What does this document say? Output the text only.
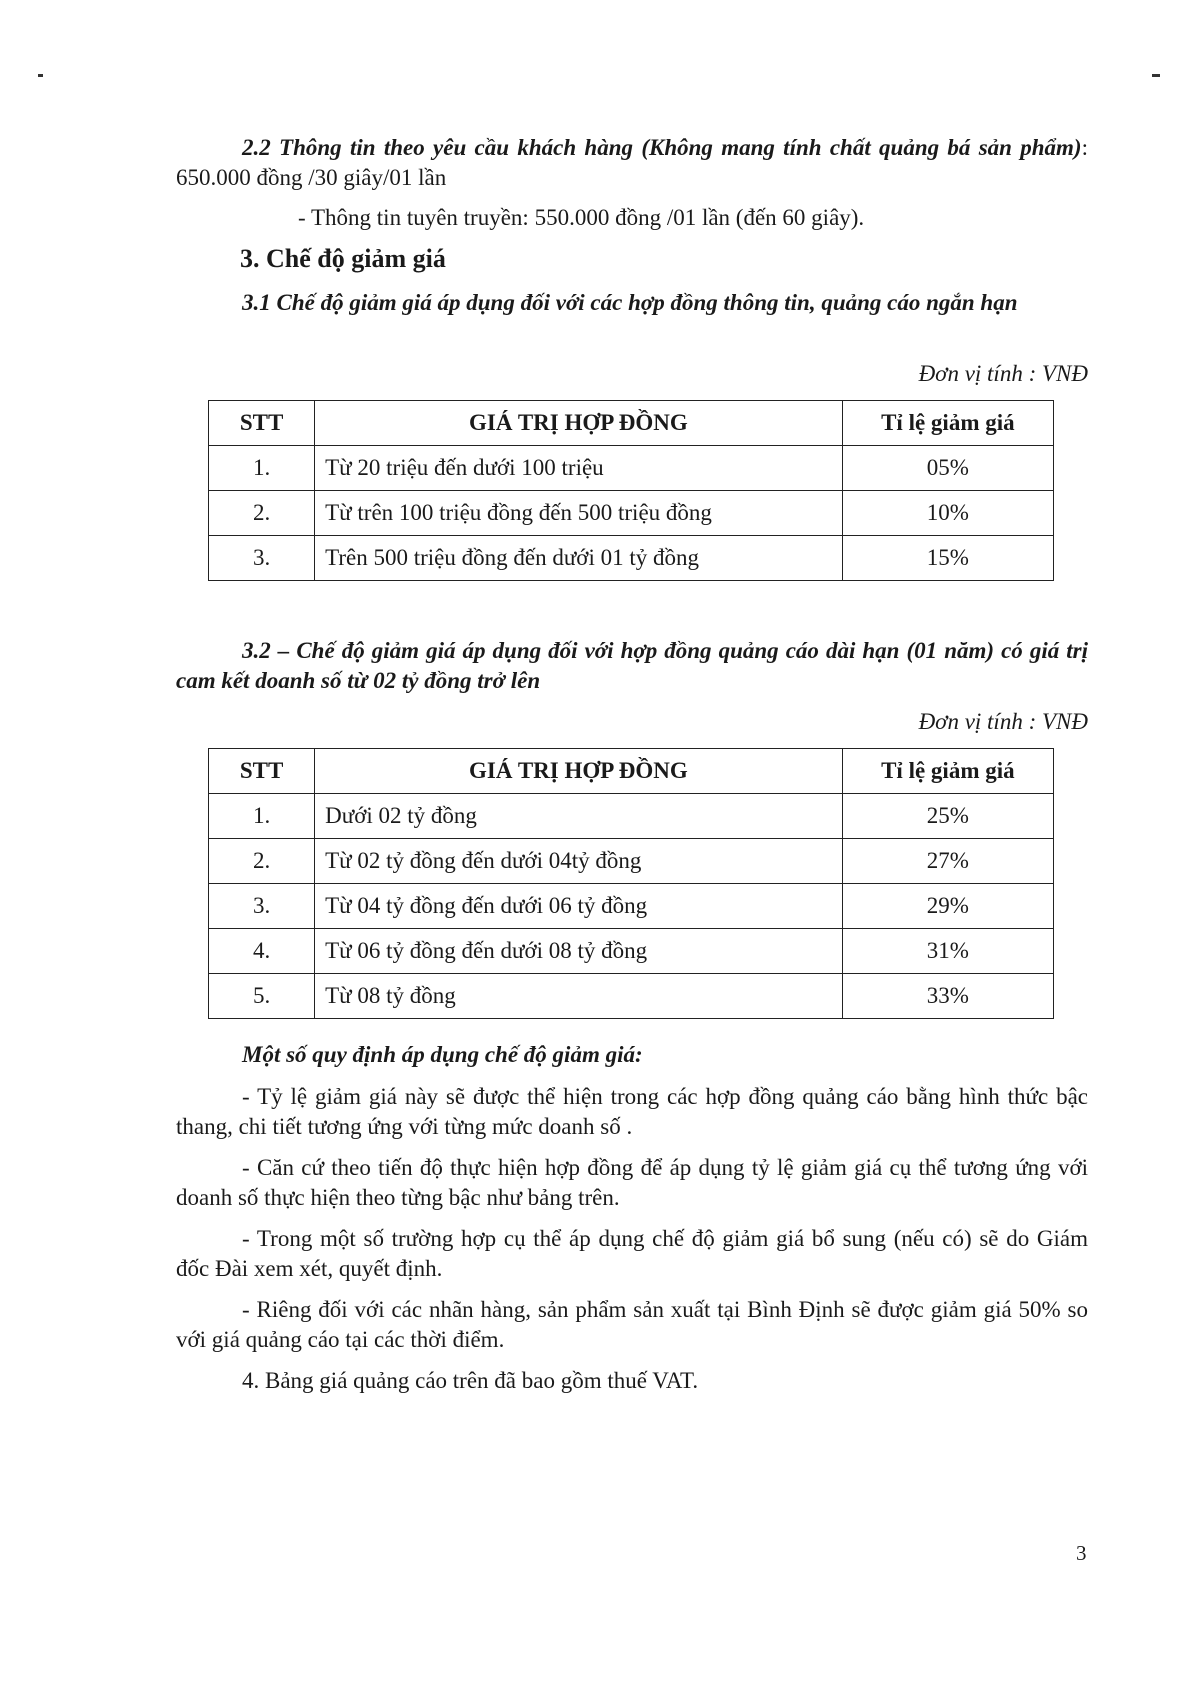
2.2 Thông tin theo yêu cầu khách hàng (Không mang tính chất quảng bá sản phẩm): 650.000 đồng /30 giây/01 lần
- Thông tin tuyên truyền: 550.000 đồng /01 lần (đến 60 giây).
3. Chế độ giảm giá
3.1 Chế độ giảm giá áp dụng đối với các hợp đồng thông tin, quảng cáo ngắn hạn
Đơn vị tính : VNĐ
STT	GIÁ TRỊ HỢP ĐỒNG	Tỉ lệ giảm giá
1.	Từ 20 triệu đến dưới 100 triệu	05%
2.	Từ trên 100 triệu đồng đến 500 triệu đồng	10%
3.	Trên 500 triệu đồng đến dưới 01 tỷ đồng	15%
3.2 – Chế độ giảm giá áp dụng đối với hợp đồng quảng cáo dài hạn (01 năm) có giá trị cam kết doanh số từ 02 tỷ đồng trở lên
Đơn vị tính : VNĐ
STT	GIÁ TRỊ HỢP ĐỒNG	Tỉ lệ giảm giá
1.	Dưới 02 tỷ đồng	25%
2.	Từ 02 tỷ đồng đến dưới 04tỷ đồng	27%
3.	Từ 04 tỷ đồng đến dưới 06 tỷ đồng	29%
4.	Từ 06 tỷ đồng đến dưới 08 tỷ đồng	31%
5.	Từ 08 tỷ đồng	33%
Một số quy định áp dụng chế độ giảm giá:
- Tỷ lệ giảm giá này sẽ được thể hiện trong các hợp đồng quảng cáo bằng hình thức bậc thang, chi tiết tương ứng với từng mức doanh số .
- Căn cứ theo tiến độ thực hiện hợp đồng để áp dụng tỷ lệ giảm giá cụ thể tương ứng với doanh số thực hiện theo từng bậc như bảng trên.
- Trong một số trường hợp cụ thể áp dụng chế độ giảm giá bổ sung (nếu có) sẽ do Giám đốc Đài xem xét, quyết định.
- Riêng đối với các nhãn hàng, sản phẩm sản xuất tại Bình Định sẽ được giảm giá 50% so với giá quảng cáo tại các thời điểm.
4. Bảng giá quảng cáo trên đã bao gồm thuế VAT.
3
